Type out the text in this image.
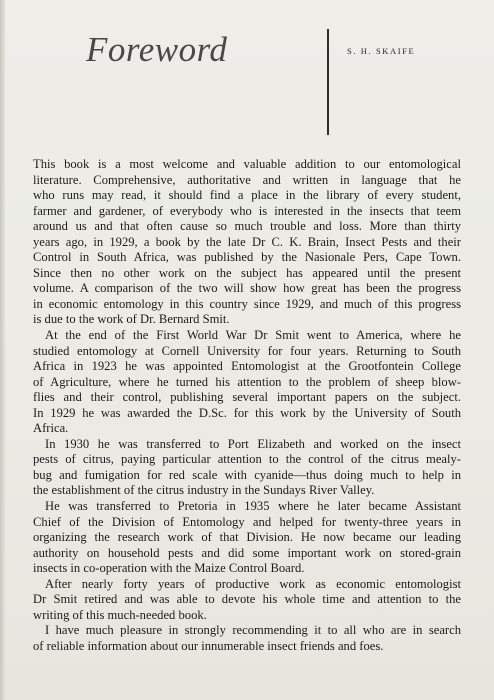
Foreword	S. H. SKAIFE
This book is a most welcome and valuable addition to our entomological
literature. Comprehensive, authoritative and written in language that he
who runs may read, it should find a place in the library of every student,
farmer and gardener, of everybody who is interested in the insects that teem
around us and that often cause so much trouble and loss. More than thirty
years ago, in 1929, a book by the late Dr C. K. Brain, Insect Pests and their
Control in South Africa, was published by the Nasionale Pers, Cape Town.
Since then no other work on the subject has appeared until the present
volume. A comparison of the two will show how great has been the progress
in economic entomology in this country since 1929, and much of this progress
is due to the work of Dr. Bernard Smit.
At the end of the First World War Dr Smit went to America, where he
studied entomology at Cornell University for four years. Returning to South
Africa in 1923 he was appointed Entomologist at the Grootfontein College
of Agriculture, where he turned his attention to the problem of sheep blow-
flies and their control, publishing several important papers on the subject.
In 1929 he was awarded the D.Sc. for this work by the University of South
Africa.
In 1930 he was transferred to Port Elizabeth and worked on the insect
pests of citrus, paying particular attention to the control of the citrus mealy-
bug and fumigation for red scale with cyanide—thus doing much to help in
the establishment of the citrus industry in the Sundays River Valley.
He was transferred to Pretoria in 1935 where he later became Assistant
Chief of the Division of Entomology and helped for twenty-three years in
organizing the research work of that Division. He now became our leading
authority on household pests and did some important work on stored-grain
insects in co-operation with the Maize Control Board.
After nearly forty years of productive work as economic entomologist
Dr Smit retired and was able to devote his whole time and attention to the
writing of this much-needed book.
I have much pleasure in strongly recommending it to all who are in search
of reliable information about our innumerable insect friends and foes.
